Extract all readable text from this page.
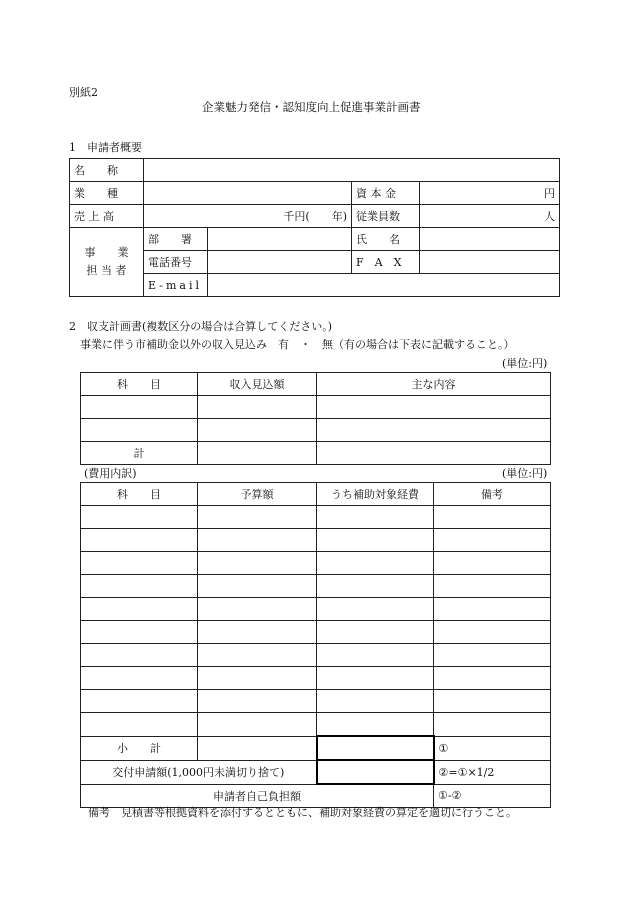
別紙2
企業魅力発信・認知度向上促進事業計画書
1　申請者概要
名　　称				
業　　種			資 本 金	円
売 上 高	千円(　　年)		従業員数	人

事　　業
担 当 者	部　　署		氏　　名	
	電話番号		F　A　X	
	E-mail			
2　収支計画書(複数区分の場合は合算してください。)
事業に伴う市補助金以外の収入見込み　有　・　無（有の場合は下表に記載すること。）
(単位:円)
科　　目	収入見込額	主な内容

計		
(費用内訳)	(単位:円)
科　　目	予算額	うち補助対象経費	備考

小　　計			①
交付申請額(1,000円未満切り捨て)			②=①×1/2
申請者自己負担額			①-②
備考　見積書等根拠資料を添付するとともに、補助対象経費の算定を適切に行うこと。
